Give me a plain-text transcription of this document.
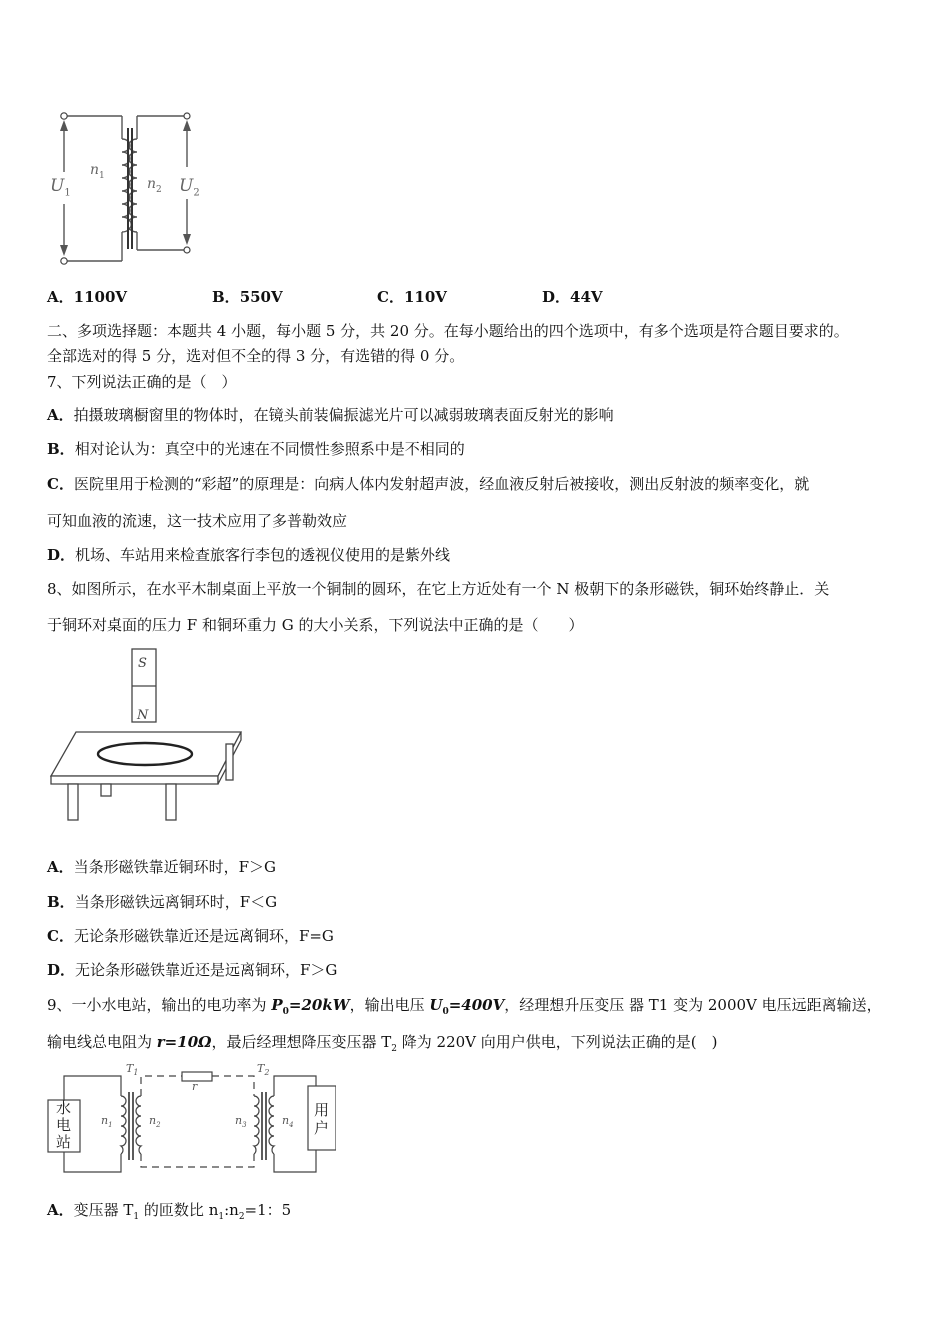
$U_1$
$n_1$
$n_2$ $U_2$
A．1100V	B．550V	C．110V	D．44V
二、多项选择题：本题共 4 小题，每小题 5 分，共 20 分。在每小题给出的四个选项中，有多个选项是符合题目要求的。
全部选对的得 5 分，选对但不全的得 3 分，有选错的得 0 分。
7、下列说法正确的是（　）
A．拍摄玻璃橱窗里的物体时，在镜头前装偏振滤光片可以减弱玻璃表面反射光的影响
B．相对论认为：真空中的光速在不同惯性参照系中是不相同的
C．医院里用于检测的“彩超”的原理是：向病人体内发射超声波，经血液反射后被接收，测出反射波的频率变化，就
可知血液的流速，这一技术应用了多普勒效应
D．机场、车站用来检查旅客行李包的透视仪使用的是紫外线
8、如图所示，在水平木制桌面上平放一个铜制的圆环，在它上方近处有一个 N 极朝下的条形磁铁，铜环始终静止．关
于铜环对桌面的压力 F 和铜环重力 G 的大小关系，下列说法中正确的是（　　）
S
N
A．当条形磁铁靠近铜环时，F＞G
B．当条形磁铁远离铜环时，F＜G
C．无论条形磁铁靠近还是远离铜环，F=G
D．无论条形磁铁靠近还是远离铜环，F＞G
9、一小水电站，输出的电功率为 $P_0=20kW$，输出电压 $U_0=400V$，经理想升压变压 器 T1 变为 2000V 电压远距离输送，
输电线总电阻为 r=10Ω，最后经理想降压变压器 $T_2$ 降为 220V 向用户供电，下列说法正确的是(　)
$T_1$	$T_2$
r
水
电
站
用
户
$n_1$	$n_2$	$n_3$	$n_4$
A．变压器 $T_1$ 的匝数比 $n_1:n_2=1$：5
